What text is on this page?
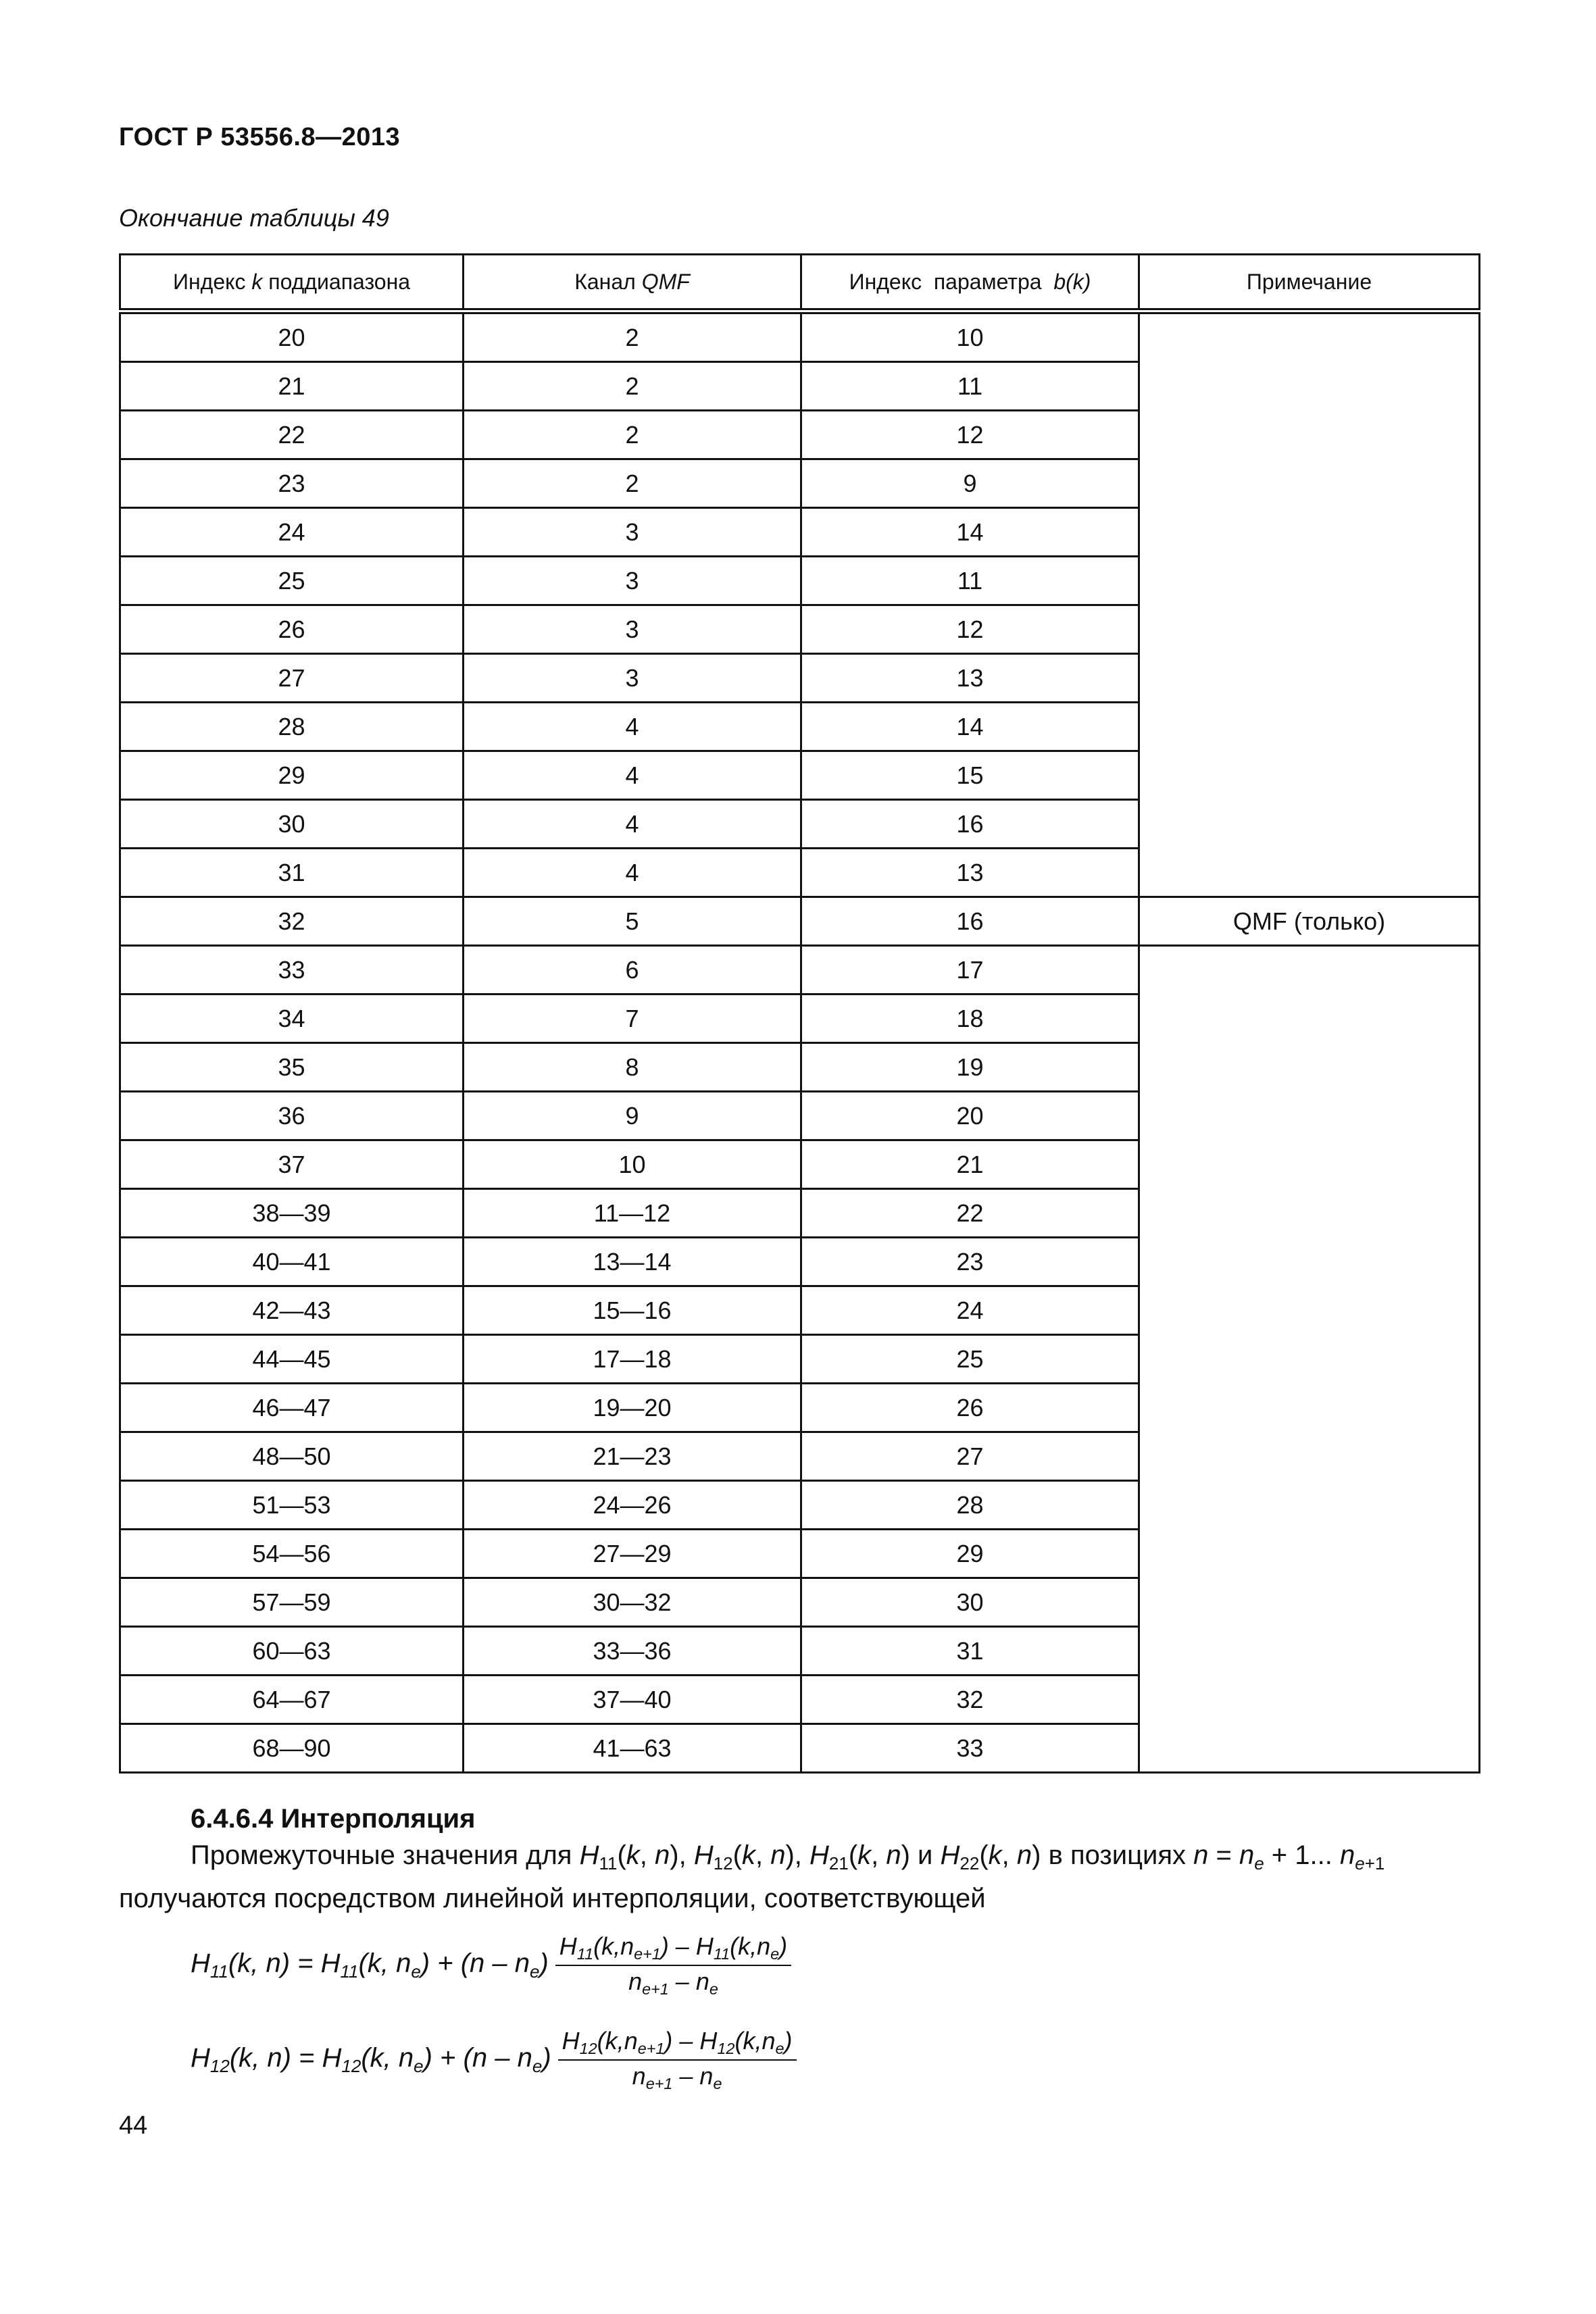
ГОСТ Р 53556.8—2013
Окончание таблицы 49
Индекс k поддиапазона	Канал QMF	Индекс  параметра  b(k)	Примечание
20	2	10	
21	2	11	
22	2	12	
23	2	9	
24	3	14	
25	3	11	
26	3	12	
27	3	13	
28	4	14	
29	4	15	
30	4	16	
31	4	13	
32	5	16	QMF (только)
33	6	17	
34	7	18	
35	8	19	
36	9	20	
37	10	21	
38—39	11—12	22	
40—41	13—14	23	
42—43	15—16	24	
44—45	17—18	25	
46—47	19—20	26	
48—50	21—23	27	
51—53	24—26	28	
54—56	27—29	29	
57—59	30—32	30	
60—63	33—36	31	
64—67	37—40	32	
68—90	41—63	33	
6.4.6.4 Интерполяция
Промежуточные значения для $H_{11}(k$, n), $H_{12}(k$, n), $H_{21}(k$, n) и $H_{22}(k$, n) в позициях $n = n_e + 1$... $n_{e+1}$
получаются посредством линейной интерполяции, соответствующей
$H_{11}(k$, $n) = H_{11}(k$, $n_e) + (n - n_e) \frac{H_{11}(k,n_{e+1}) - H_{11}(k,n_e)}{n_{e+1} - n_e}$
$H_{12}(k$, $n) = H_{12}(k$, $n_e) + (n - n_e) \frac{H_{12}(k,n_{e+1}) - H_{12}(k,n_e)}{n_{e+1} - n_e}$
44
